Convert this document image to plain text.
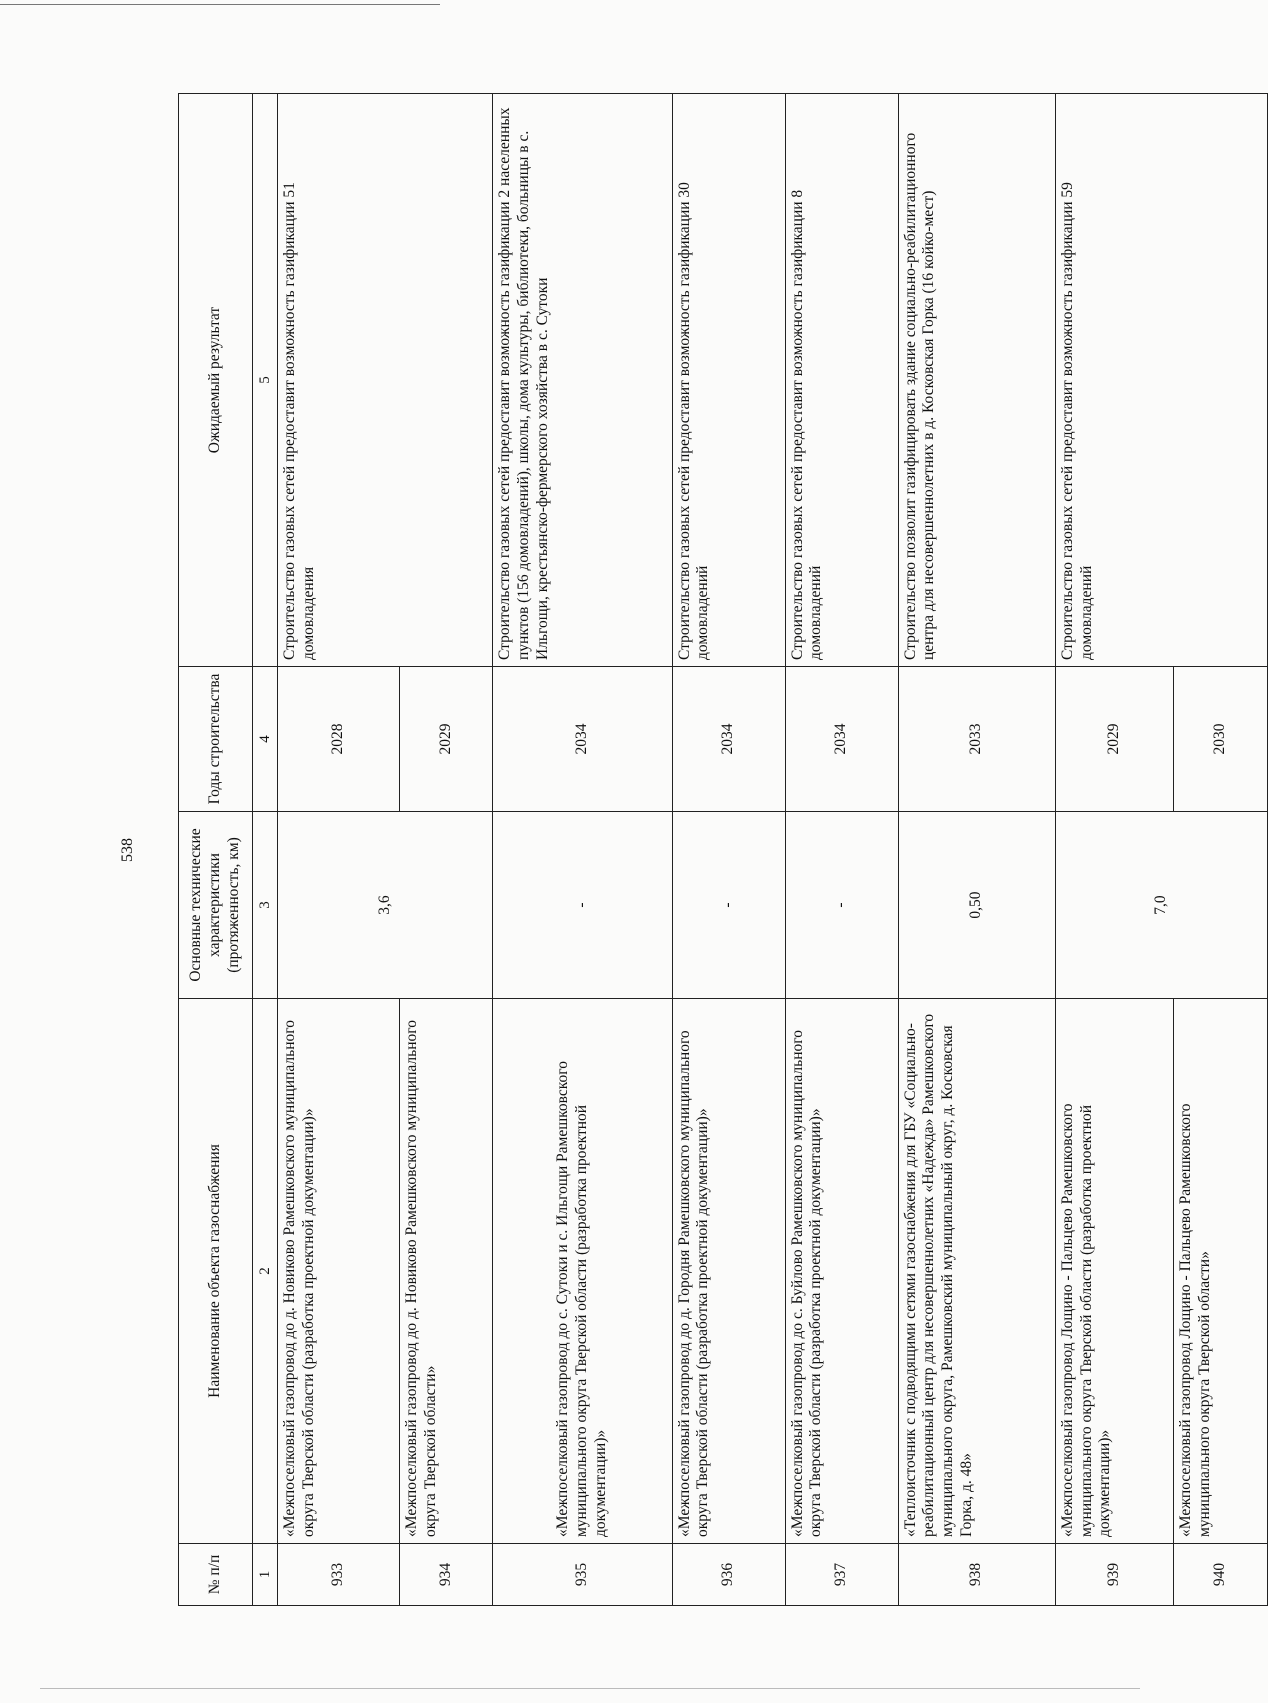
538
№ п/п	Наименование объекта газоснабжения	Основные технические характеристики (протяженность, км)	Годы строительства	Ожидаемый результат
1	2	3	4	5
933	«Межпоселковый газопровод до д. Новиково Рамешковского муниципального округа Тверской области (разработка проектной документации)»	3,6	2028	Строительство газовых сетей предоставит возможность газификации 51 домовладения
934	«Межпоселковый газопровод до д. Новиково Рамешковского муниципального округа Тверской области»		2029	
935	«Межпоселковый газопровод до с. Сутоки и с. Ильгощи Рамешковского муниципального округа Тверской области (разработка проектной документации)»	-	2034	Строительство газовых сетей предоставит возможность газификации 2 населенных пунктов (156 домовладений), школы, дома культуры, библиотеки, больницы в с. Ильгощи, крестьянско-фермерского хозяйства в с. Сутоки
936	«Межпоселковый газопровод до д. Городня Рамешковского муниципального округа Тверской области (разработка проектной документации)»	-	2034	Строительство газовых сетей предоставит возможность газификации 30 домовладений
937	«Межпоселковый газопровод до с. Буйлово Рамешковского муниципального округа Тверской области (разработка проектной документации)»	-	2034	Строительство газовых сетей предоставит возможность газификации 8 домовладений
938	«Теплоисточник с подводящими сетями газоснабжения для ГБУ «Социально-реабилитационный центр для несовершеннолетних «Надежда» Рамешковского муниципального округа, Рамешковский муниципальный округ, д. Косковская Горка, д. 48»	0,50	2033	Строительство позволит газифицировать здание социально-реабилитационного центра для несовершеннолетних в д. Косковская Горка (16 койко-мест)
939	«Межпоселковый газопровод Лощино - Пальцево Рамешковского муниципального округа Тверской области (разработка проектной документации)»	7,0	2029	Строительство газовых сетей предоставит возможность газификации 59 домовладений
940	«Межпоселковый газопровод Лощино - Пальцево Рамешковского муниципального округа Тверской области»		2030	
